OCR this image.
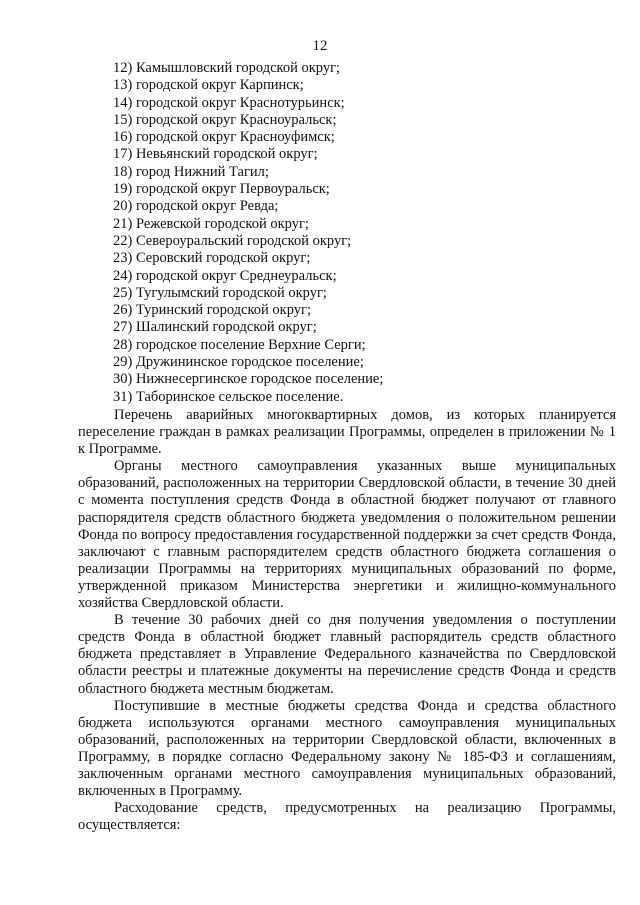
12
12) Камышловский городской округ;
13) городской округ Карпинск;
14) городской округ Краснотурьинск;
15) городской округ Красноуральск;
16) городской округ Красноуфимск;
17) Невьянский городской округ;
18) город Нижний Тагил;
19) городской округ Первоуральск;
20) городской округ Ревда;
21) Режевской городской округ;
22) Североуральский городской округ;
23) Серовский городской округ;
24) городской округ Среднеуральск;
25) Тугулымский городской округ;
26) Туринский городской округ;
27) Шалинский городской округ;
28) городское поселение Верхние Серги;
29) Дружининское городское поселение;
30) Нижнесергинское городское поселение;
31) Таборинское сельское поселение.

Перечень аварийных многоквартирных домов, из которых планируется переселение граждан в рамках реализации Программы, определен в приложении № 1 к Программе.

Органы местного самоуправления указанных выше муниципальных образований, расположенных на территории Свердловской области, в течение 30 дней с момента поступления средств Фонда в областной бюджет получают от главного распорядителя средств областного бюджета уведомления о положительном решении Фонда по вопросу предоставления государственной поддержки за счет средств Фонда, заключают с главным распорядителем средств областного бюджета соглашения о реализации Программы на территориях муниципальных образований по форме, утвержденной приказом Министерства энергетики и жилищно-коммунального хозяйства Свердловской области.

В течение 30 рабочих дней со дня получения уведомления о поступлении средств Фонда в областной бюджет главный распорядитель средств областного бюджета представляет в Управление Федерального казначейства по Свердловской области реестры и платежные документы на перечисление средств Фонда и средств областного бюджета местным бюджетам.

Поступившие в местные бюджеты средства Фонда и средства областного бюджета используются органами местного самоуправления муниципальных образований, расположенных на территории Свердловской области, включенных в Программу, в порядке согласно Федеральному закону № 185-ФЗ и соглашениям, заключенным органами местного самоуправления муниципальных образований, включенных в Программу.

Расходование средств, предусмотренных на реализацию Программы, осуществляется:
